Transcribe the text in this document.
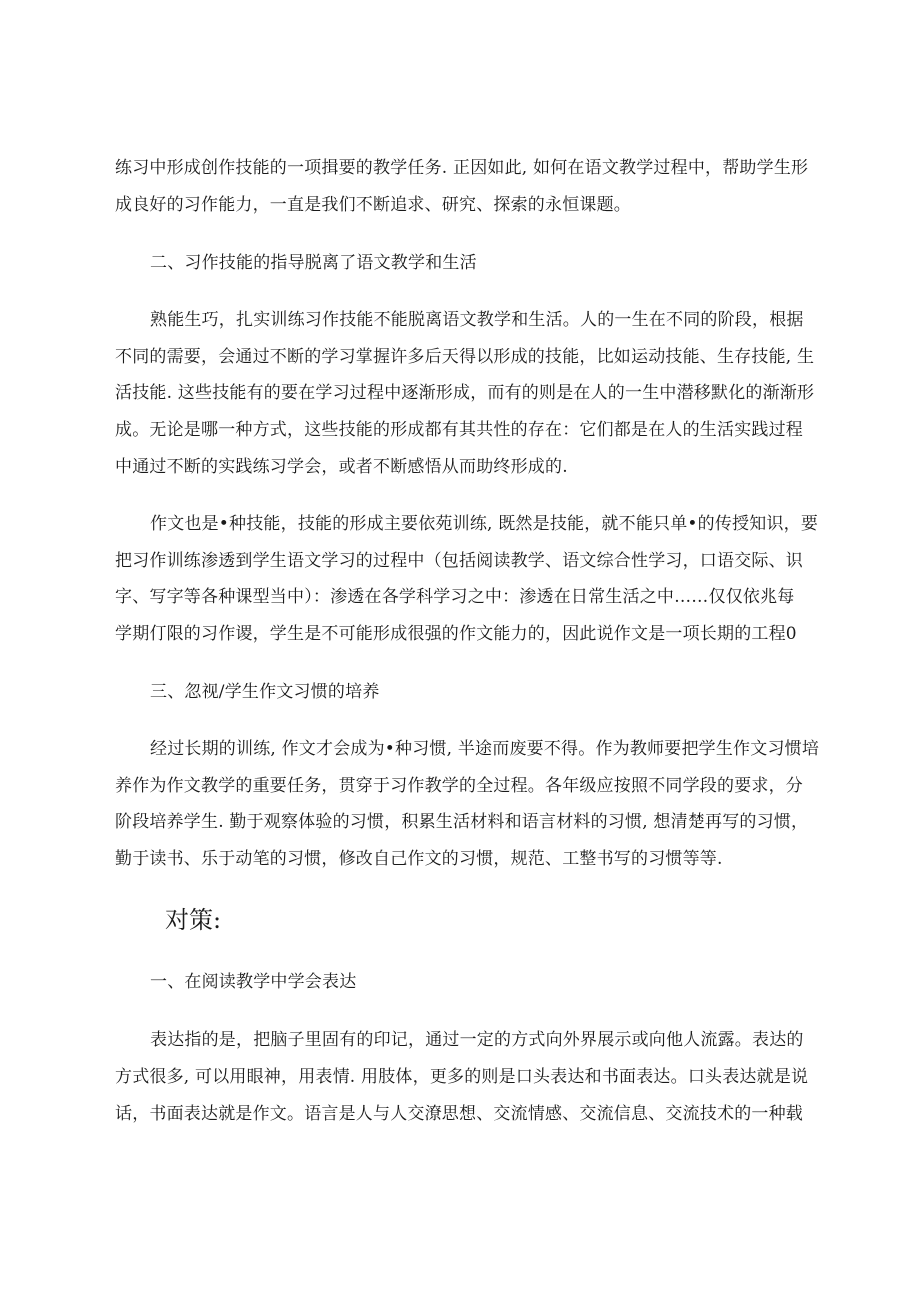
练习中形成创作技能的一项揖要的教学任务. 正因如此, 如何在语文教学过程中，帮助学生形
成良好的习作能力，一直是我们不断追求、研究、探索的永恒课题。
二、习作技能的指导脱离了语文教学和生活
熟能生巧，扎实训练习作技能不能脱离语文教学和生活。人的一生在不同的阶段，根据
不同的需要，会通过不断的学习掌握许多后天得以形成的技能，比如运动技能、生存技能, 生
活技能. 这些技能有的要在学习过程中逐渐形成，而有的则是在人的一生中潜移默化的渐渐形
成。无论是哪一种方式，这些技能的形成都有其共性的存在：它们都是在人的生活实践过程
中通过不断的实践练习学会，或者不断感悟从而助终形成的.
作文也是•种技能，技能的形成主要依苑训练, 既然是技能，就不能只单•的传授知识，要
把习作训练渗透到学生语文学习的过程中（包括阅读教学、语文综合性学习，口语交际、识
字、写字等各种课型当中）：渗透在各学科学习之中：渗透在日常生活之中……仅仅依兆每
学期仃限的习作谡，学生是不可能形成很强的作文能力的，因此说作文是一项长期的工程0
三、忽视/学生作文习惯的培养
经过长期的训练, 作文才会成为•种习惯, 半途而废要不得。作为教师要把学生作文习惯培
养作为作文教学的重要任务，贯穿于习作教学的全过程。各年级应按照不同学段的要求，分
阶段培养学生. 勤于观察体验的习惯，积累生活材料和语言材料的习惯, 想清楚再写的习惯，
勤于读书、乐于动笔的习惯，修改自己作文的习惯，规范、工整书写的习惯等等.
对策:
一、在阅读教学中学会表达
表达指的是，把脑子里固有的印记，通过一定的方式向外界展示或向他人流露。表达的
方式很多, 可以用眼神，用表情. 用肢体，更多的则是口头表达和书面表达。口头表达就是说
话，书面表达就是作文。语言是人与人交潦思想、交流情感、交流信息、交流技术的一种载
